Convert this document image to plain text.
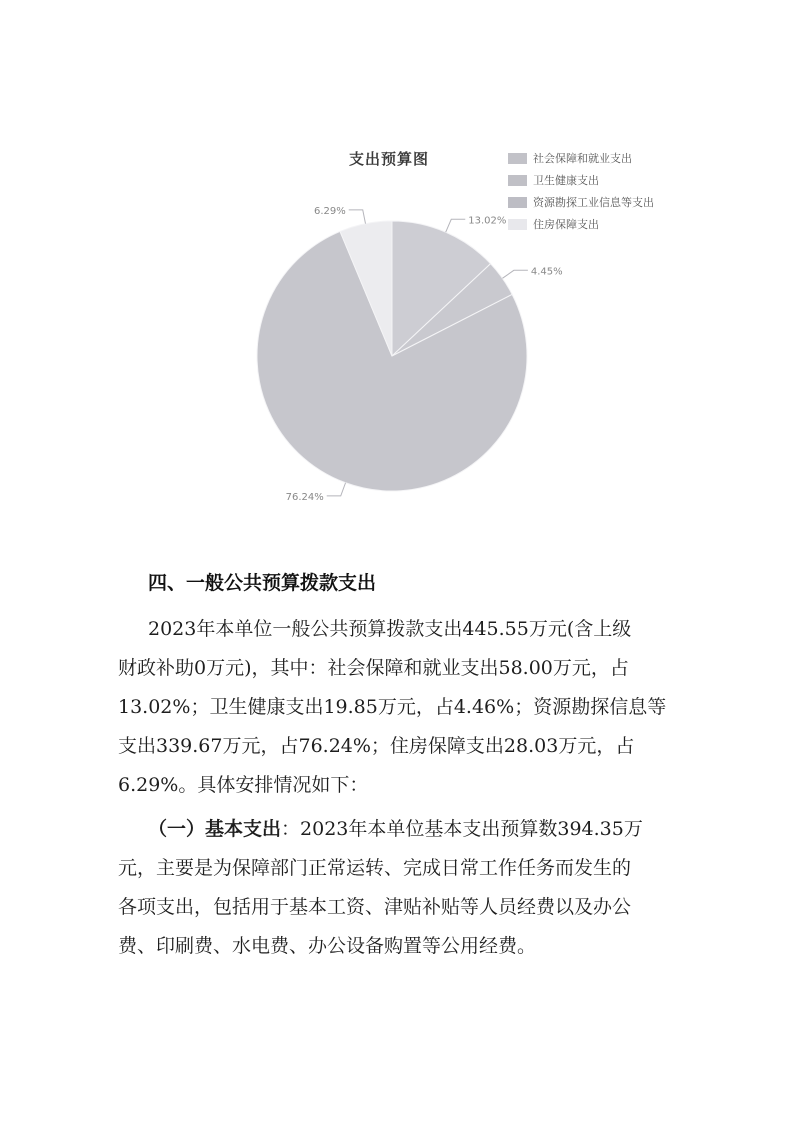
13.02%
4.45%
76.24%
6.29%
支出预算图	社会保障和就业支出
卫生健康支出
资源勘探工业信息等支出
住房保障支出
四、一般公共预算拨款支出
2023年本单位一般公共预算拨款支出445.55万元(含上级
财政补助0万元)，其中：社会保障和就业支出58.00万元，占
13.02%；卫生健康支出19.85万元，占4.46%；资源勘探信息等
支出339.67万元，占76.24%；住房保障支出28.03万元，占
6.29%。具体安排情况如下：
（一）基本支出：2023年本单位基本支出预算数394.35万
元，主要是为保障部门正常运转、完成日常工作任务而发生的
各项支出，包括用于基本工资、津贴补贴等人员经费以及办公
费、印刷费、水电费、办公设备购置等公用经费。
